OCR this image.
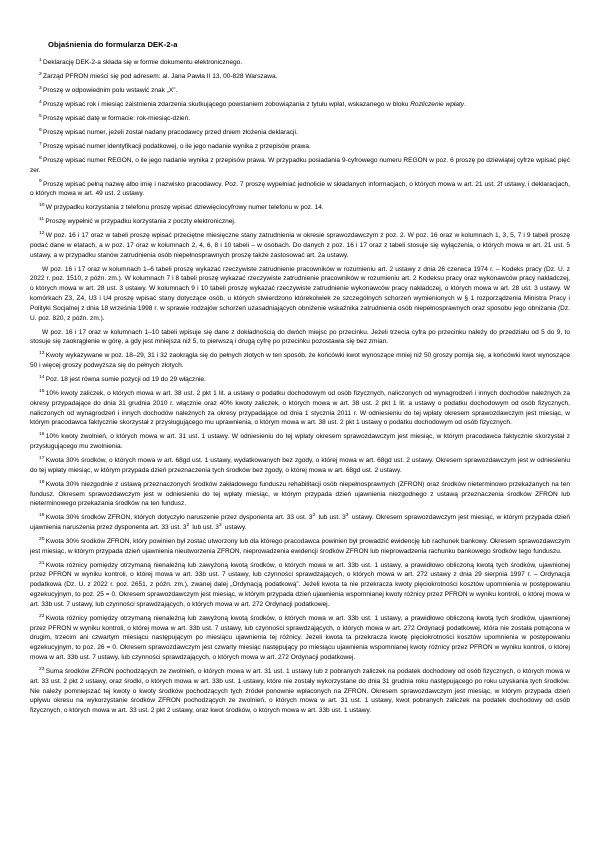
Objaśnienia do formularza DEK-2-a

$^1$Deklarację DEK-2-a składa się w formie dokumentu elektronicznego.

$^2$Zarząd PFRON mieści się pod adresem: al. Jana Pawła II 13, 00-828 Warszawa.

$^3$Proszę w odpowiednim polu wstawić znak „X”.

$^4$Proszę wpisać rok i miesiąc zaistnienia zdarzenia skutkującego powstaniem zobowiązania z tytułu wpłat, wskazanego w bloku Rozliczenie wpłaty.

$^5$Proszę wpisać datę w formacie: rok-miesiąc-dzień.

$^6$Proszę wpisać numer, jeżeli został nadany pracodawcy przed dniem złożenia deklaracji.

$^7$Proszę wpisać numer identyfikacji podatkowej, o ile jego nadanie wynika z przepisów prawa.

$^8$Proszę wpisać numer REGON, o ile jego nadanie wynika z przepisów prawa. W przypadku posiadania 9-cyfrowego numeru REGON w poz. 6 proszę po dziewiątej cyfrze wpisać pięć zer.

$^9$Proszę wpisać pełną nazwę albo imię i nazwisko pracodawcy. Poz. 7 proszę wypełniać jednolicie w składanych informacjach, o których mowa w art. 21 ust. 2f ustawy, i deklaracjach, o których mowa w art. 49 ust. 2 ustawy.

$^{10}$W przypadku korzystania z telefonu proszę wpisać dziewięciocyfrowy numer telefonu w poz. 14.

$^{11}$Proszę wypełnić w przypadku korzystania z poczty elektronicznej.

$^{12}$W poz. 16 i 17 oraz w tabeli proszę wpisać przeciętne miesięczne stany zatrudnienia w okresie sprawozdawczym z poz. 2. W poz. 16 oraz w kolumnach 1, 3, 5, 7 i 9 tabeli proszę podać dane w etatach, a w poz. 17 oraz w kolumnach 2, 4, 6, 8 i 10 tabeli – w osobach. Do danych z poz. 16 i 17 oraz z tabeli stosuje się wyłączenia, o których mowa w art. 21 ust. 5 ustawy, a w przypadku stanów zatrudnienia osób niepełnosprawnych proszę także zastosować art. 2a ustawy.

W poz. 16 i 17 oraz w kolumnach 1–6 tabeli proszę wykazać rzeczywiste zatrudnienie pracowników w rozumieniu art. 2 ustawy z dnia 26 czerwca 1974 r. – Kodeks pracy (Dz. U. z 2022 r. poz. 1510, z późn. zm.). W kolumnach 7 i 8 tabeli proszę wykazać rzeczywiste zatrudnienie pracowników w rozumieniu art. 2 Kodeksu pracy oraz wykonawców pracy nakładczej, o których mowa w art. 28 ust. 3 ustawy. W kolumnach 9 i 10 tabeli proszę wykazać rzeczywiste zatrudnienie wykonawców pracy nakładczej, o których mowa w art. 28 ust. 3 ustawy. W komórkach Z3, Z4, U3 i U4 proszę wpisać stany dotyczące osób, u których stwierdzono którekolwiek ze szczególnych schorzeń wymienionych w § 1 rozporządzenia Ministra Pracy i Polityki Socjalnej z dnia 18 września 1998 r. w sprawie rodzajów schorzeń uzasadniających obniżenie wskaźnika zatrudnienia osób niepełnosprawnych oraz sposobu jego obniżania (Dz. U. poz. 820, z późn. zm.).

W poz. 16 i 17 oraz w kolumnach 1–10 tabeli wpisuje się dane z dokładnością do dwóch miejsc po przecinku. Jeżeli trzecia cyfra po przecinku należy do przedziału od 5 do 9, to stosuje się zaokrąglenie w górę, a gdy jest mniejsza niż 5, to pierwszą i drugą cyfrę po przecinku pozostawia się bez zmian.

$^{13}$Kwoty wykazywane w poz. 18–29, 31 i 32 zaokrągla się do pełnych złotych w ten sposób, że końcówki kwot wynoszące mniej niż 50 groszy pomija się, a końcówki kwot wynoszące 50 i więcej groszy podwyższa się do pełnych złotych.

$^{14}$Poz. 18 jest równa sumie pozycji od 19 do 29 włącznie.

$^{15}$10% kwoty zaliczek, o których mowa w art. 38 ust. 2 pkt 1 lit. a ustawy o podatku dochodowym od osób fizycznych, naliczonych od wynagrodzeń i innych dochodów należnych za okresy przypadające do dnia 31 grudnia 2010 r. włącznie oraz 40% kwoty zaliczek, o których mowa w art. 38 ust. 2 pkt 1 lit. a ustawy o podatku dochodowym od osób fizycznych, naliczonych od wynagrodzeń i innych dochodów należnych za okresy przypadające od dnia 1 stycznia 2011 r. W odniesieniu do tej wpłaty okresem sprawozdawczym jest miesiąc, w którym pracodawca faktycznie skorzystał z przysługującego mu uprawnienia, o którym mowa w art. 38 ust. 2 pkt 1 ustawy o podatku dochodowym od osób fizycznych.

$^{16}$10% kwoty zwolnień, o których mowa w art. 31 ust. 1 ustawy. W odniesieniu do tej wpłaty okresem sprawozdawczym jest miesiąc, w którym pracodawca faktycznie skorzystał z przysługującego mu zwolnienia.

$^{17}$Kwota 30% środków, o których mowa w art. 68gd ust. 1 ustawy, wydatkowanych bez zgody, o której mowa w art. 68gd ust. 2 ustawy. Okresem sprawozdawczym jest w odniesieniu do tej wpłaty miesiąc, w którym przypada dzień przeznaczenia tych środków bez zgody, o której mowa w art. 68gd ust. 2 ustawy.

$^{18}$Kwota 30% niezgodnie z ustawą przeznaczonych środków zakładowego funduszu rehabilitacji osób niepełnosprawnych (ZFRON) oraz środków nieterminowo przekazanych na ten fundusz. Okresem sprawozdawczym jest w odniesieniu do tej wpłaty miesiąc, w którym przypada dzień ujawnienia niezgodnego z ustawą przeznaczenia środków ZFRON lub nieterminowego przekazania środków na ten fundusz.

$^{19}$Kwota 30% środków ZFRON, których dotyczyło naruszenie przez dysponenta art. 33 ust. $3^2$ lub ust. $3^3$ ustawy. Okresem sprawozdawczym jest miesiąc, w którym przypada dzień ujawnienia naruszenia przez dysponenta art. 33 ust. $3^2$ lub ust. $3^3$ ustawy.

$^{20}$Kwota 30% środków ZFRON, który powinien był zostać utworzony lub dla którego pracodawca powinien był prowadzić ewidencję lub rachunek bankowy. Okresem sprawozdawczym jest miesiąc, w którym przypada dzień ujawnienia nieutworzenia ZFRON, nieprowadzenia ewidencji środków ZFRON lub nieprowadzenia rachunku bankowego środków tego funduszu.

$^{21}$Kwota różnicy pomiędzy otrzymaną nienależną lub zawyżoną kwotą środków, o których mowa w art. 33b ust. 1 ustawy, a prawidłowo obliczoną kwotą tych środków, ujawnionej przez PFRON w wyniku kontroli, o której mowa w art. 33b ust. 7 ustawy, lub czynności sprawdzających, o których mowa w art. 272 ustawy z dnia 29 sierpnia 1997 r. – Ordynacja podatkowa (Dz. U. z 2022 r. poz. 2651, z późn. zm.), zwanej dalej „Ordynacją podatkową”. Jeżeli kwota ta nie przekracza kwoty pięciokrotności kosztów upomnienia w postępowaniu egzekucyjnym, to poz. 25 = 0. Okresem sprawozdawczym jest miesiąc, w którym przypada dzień ujawnienia wspomnianej kwoty różnicy przez PFRON w wyniku kontroli, o której mowa w art. 33b ust. 7 ustawy, lub czynności sprawdzających, o których mowa w art. 272 Ordynacji podatkowej.

$^{22}$Kwota różnicy pomiędzy otrzymaną nienależną lub zawyżoną kwotą środków, o których mowa w art. 33b ust. 1 ustawy, a prawidłowo obliczoną kwotą tych środków, ujawnionej przez PFRON w wyniku kontroli, o której mowa w art. 33b ust. 7 ustawy, lub czynności sprawdzających, o których mowa w art. 272 Ordynacji podatkowej, która nie została potrącona w drugim, trzecim ani czwartym miesiącu następującym po miesiącu ujawnienia tej różnicy. Jeżeli kwota ta przekracza kwotę pięciokrotności kosztów upomnienia w postępowaniu egzekucyjnym, to poz. 26 = 0. Okresem sprawozdawczym jest czwarty miesiąc następujący po miesiącu ujawnienia wspomnianej kwoty różnicy przez PFRON w wyniku kontroli, o której mowa w art. 33b ust. 7 ustawy, lub czynności sprawdzających, o których mowa w art. 272 Ordynacji podatkowej.

$^{23}$Suma środków ZFRON pochodzących ze zwolnień, o których mowa w art. 31 ust. 1 ustawy lub z pobranych zaliczek na podatek dochodowy od osób fizycznych, o których mowa w art. 33 ust. 2 pkt 2 ustawy, oraz środki, o których mowa w art. 33b ust. 1 ustawy, które nie zostały wykorzystane do dnia 31 grudnia roku następującego po roku uzyskania tych środków. Nie należy pomniejszać tej kwoty o kwoty środków pochodzących tych źródeł ponownie wpłaconych na ZFRON. Okresem sprawozdawczym jest miesiąc, w którym przypada dzień upływu okresu na wykorzystanie środków ZFRON pochodzących ze zwolnień, o których mowa w art. 31 ust. 1 ustawy, kwot pobranych zaliczek na podatek dochodowy od osób fizycznych, o których mowa w art. 33 ust. 2 pkt 2 ustawy, oraz kwot środków, o których mowa w art. 33b ust. 1 ustawy.
